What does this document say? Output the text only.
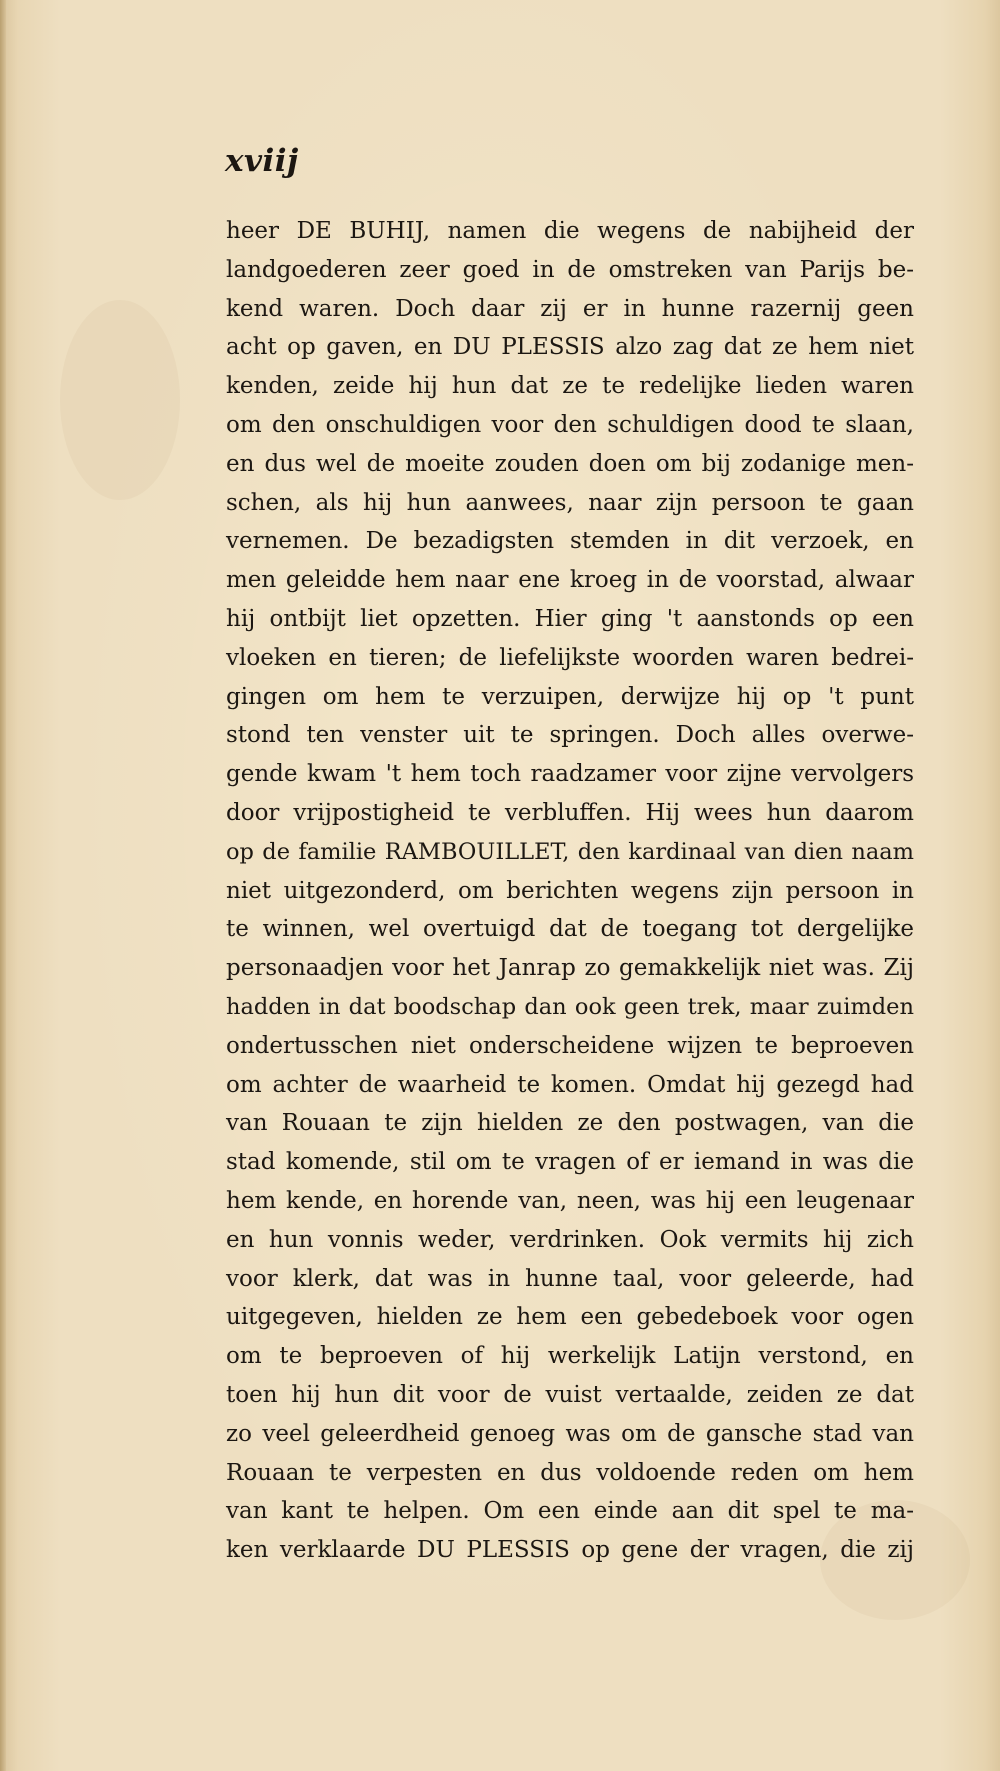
xviij

heer DE BUHIJ, namen die wegens de nabijheid der
landgoederen zeer goed in de omstreken van Parijs be-
kend waren. Doch daar zij er in hunne razernij geen
acht op gaven, en DU PLESSIS alzo zag dat ze hem niet
kenden, zeide hij hun dat ze te redelijke lieden waren
om den onschuldigen voor den schuldigen dood te slaan,
en dus wel de moeite zouden doen om bij zodanige men-
schen, als hij hun aanwees, naar zijn persoon te gaan
vernemen. De bezadigsten stemden in dit verzoek, en
men geleidde hem naar ene kroeg in de voorstad, alwaar
hij ontbijt liet opzetten. Hier ging 't aanstonds op een
vloeken en tieren; de liefelijkste woorden waren bedrei-
gingen om hem te verzuipen, derwijze hij op 't punt
stond ten venster uit te springen. Doch alles overwe-
gende kwam 't hem toch raadzamer voor zijne vervolgers
door vrijpostigheid te verbluffen. Hij wees hun daarom
op de familie RAMBOUILLET, den kardinaal van dien naam
niet uitgezonderd, om berichten wegens zijn persoon in
te winnen, wel overtuigd dat de toegang tot dergelijke
personaadjen voor het Janrap zo gemakkelijk niet was. Zij
hadden in dat boodschap dan ook geen trek, maar zuimden
ondertusschen niet onderscheidene wijzen te beproeven
om achter de waarheid te komen. Omdat hij gezegd had
van Rouaan te zijn hielden ze den postwagen, van die
stad komende, stil om te vragen of er iemand in was die
hem kende, en horende van, neen, was hij een leugenaar
en hun vonnis weder, verdrinken. Ook vermits hij zich
voor klerk, dat was in hunne taal, voor geleerde, had
uitgegeven, hielden ze hem een gebedeboek voor ogen
om te beproeven of hij werkelijk Latijn verstond, en
toen hij hun dit voor de vuist vertaalde, zeiden ze dat
zo veel geleerdheid genoeg was om de gansche stad van
Rouaan te verpesten en dus voldoende reden om hem
van kant te helpen. Om een einde aan dit spel te ma-
ken verklaarde DU PLESSIS op gene der vragen, die zij
